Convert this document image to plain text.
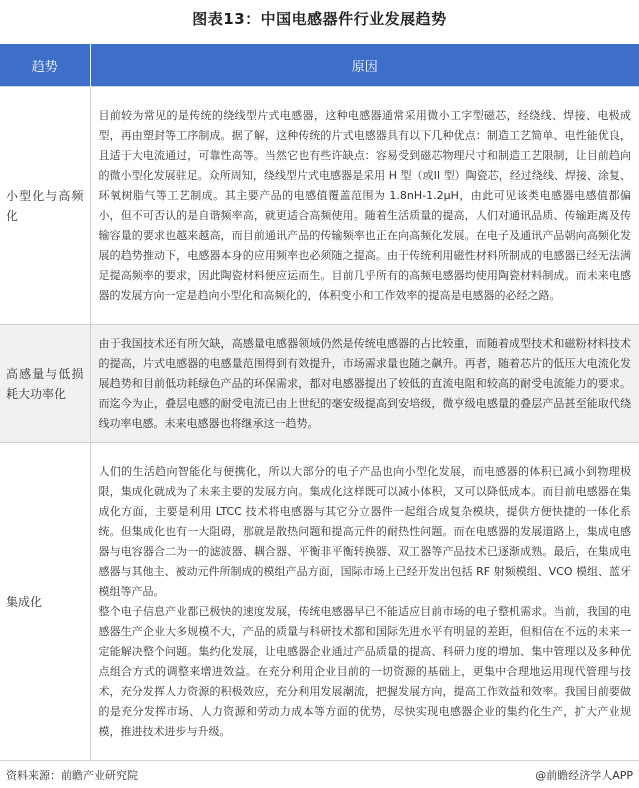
图表13：中国电感器件行业发展趋势
趋势	原因
小型化与高频化	目前较为常见的是传统的绕线型片式电感器，这种电感器通常采用微小工字型磁芯，经绕线、焊接、电极成型，再由塑封等工序制成。据了解，这种传统的片式电感器具有以下几种优点：制造工艺简单、电性能优良，且适于大电流通过，可靠性高等。当然它也有些许缺点：容易受到磁芯物理尺寸和制造工艺限制，让目前趋向的微小型化发展驻足。众所周知，绕线型片式电感器是采用 H 型（或II 型）陶瓷芯，经过绕线、焊接、涂复、环氧树脂气等工艺制成。其主要产品的电感值覆盖范围为 1.8nH-1.2μH，由此可见该类电感器电感值都偏小，但不可否认的是自谐频率高，就更适合高频使用。随着生活质量的提高，人们对通讯品质、传输距离及传输容量的要求也越来越高，而目前通讯产品的传输频率也正在向高频化发展。在电子及通讯产品朝向高频化发展的趋势推动下，电感器本身的应用频率也必须随之提高。由于传统利用磁性材料所制成的电感器已经无法满足提高频率的要求，因此陶瓷材料便应运而生。目前几乎所有的高频电感器均使用陶瓷材料制成。而未来电感器的发展方向一定是趋向小型化和高频化的，体积变小和工作效率的提高是电感器的必经之路。

高感量与低损耗大功率化	由于我国技术还有所欠缺，高感量电感器领域仍然是传统电感器的占比较重，而随着成型技术和磁粉材料技术的提高，片式电感器的电感量范围得到有效提升，市场需求量也随之飙升。再者，随着芯片的低压大电流化发展趋势和目前低功耗绿色产品的环保需求，都对电感器提出了较低的直流电阻和较高的耐受电流能力的要求。而迄今为止，叠层电感的耐受电流已由上世纪的毫安级提高到安培级，微亨级电感量的叠层产品甚至能取代绕线功率电感。未来电感器也将继承这一趋势。

集成化	人们的生活趋向智能化与便携化，所以大部分的电子产品也向小型化发展，而电感器的体积已减小到物理极限，集成化就成为了未来主要的发展方向。集成化这样既可以减小体积，又可以降低成本。而目前电感器在集成化方面，主要是利用 LTCC 技术将电感器与其它分立器件一起组合成复杂模块，提供方便快捷的一体化系统。但集成化也有一大阻碍，那就是散热问题和提高元件的耐热性问题。而在电感器的发展道路上，集成电感器与电容器合二为一的滤波器、耦合器、平衡非平衡转换器、双工器等产品技术已逐渐成熟。最后，在集成电感器与其他主、被动元件所制成的模组产品方面，国际市场上已经开发出包括 RF 射频模组、VCO 模组、蓝牙模组等产品。

整个电子信息产业都已极快的速度发展，传统电感器早已不能适应目前市场的电子整机需求。当前，我国的电感器生产企业大多规模不大，产品的质量与科研技术都和国际先进水平有明显的差距，但相信在不远的未来一定能解决整个问题。集约化发展，让电感器企业通过产品质量的提高、科研力度的增加、集中管理以及多种优点组合方式的调整来增进效益。在充分利用企业目前的一切资源的基础上，更集中合理地运用现代管理与技术，充分发挥人力资源的积极效应，充分利用发展潮流，把握发展方向，提高工作效益和效率。我国目前要做的是充分发挥市场、人力资源和劳动力成本等方面的优势，尽快实现电感器企业的集约化生产，扩大产业规模，推进技术进步与升级。

资料来源：前瞻产业研究院	@前瞻经济学人APP
